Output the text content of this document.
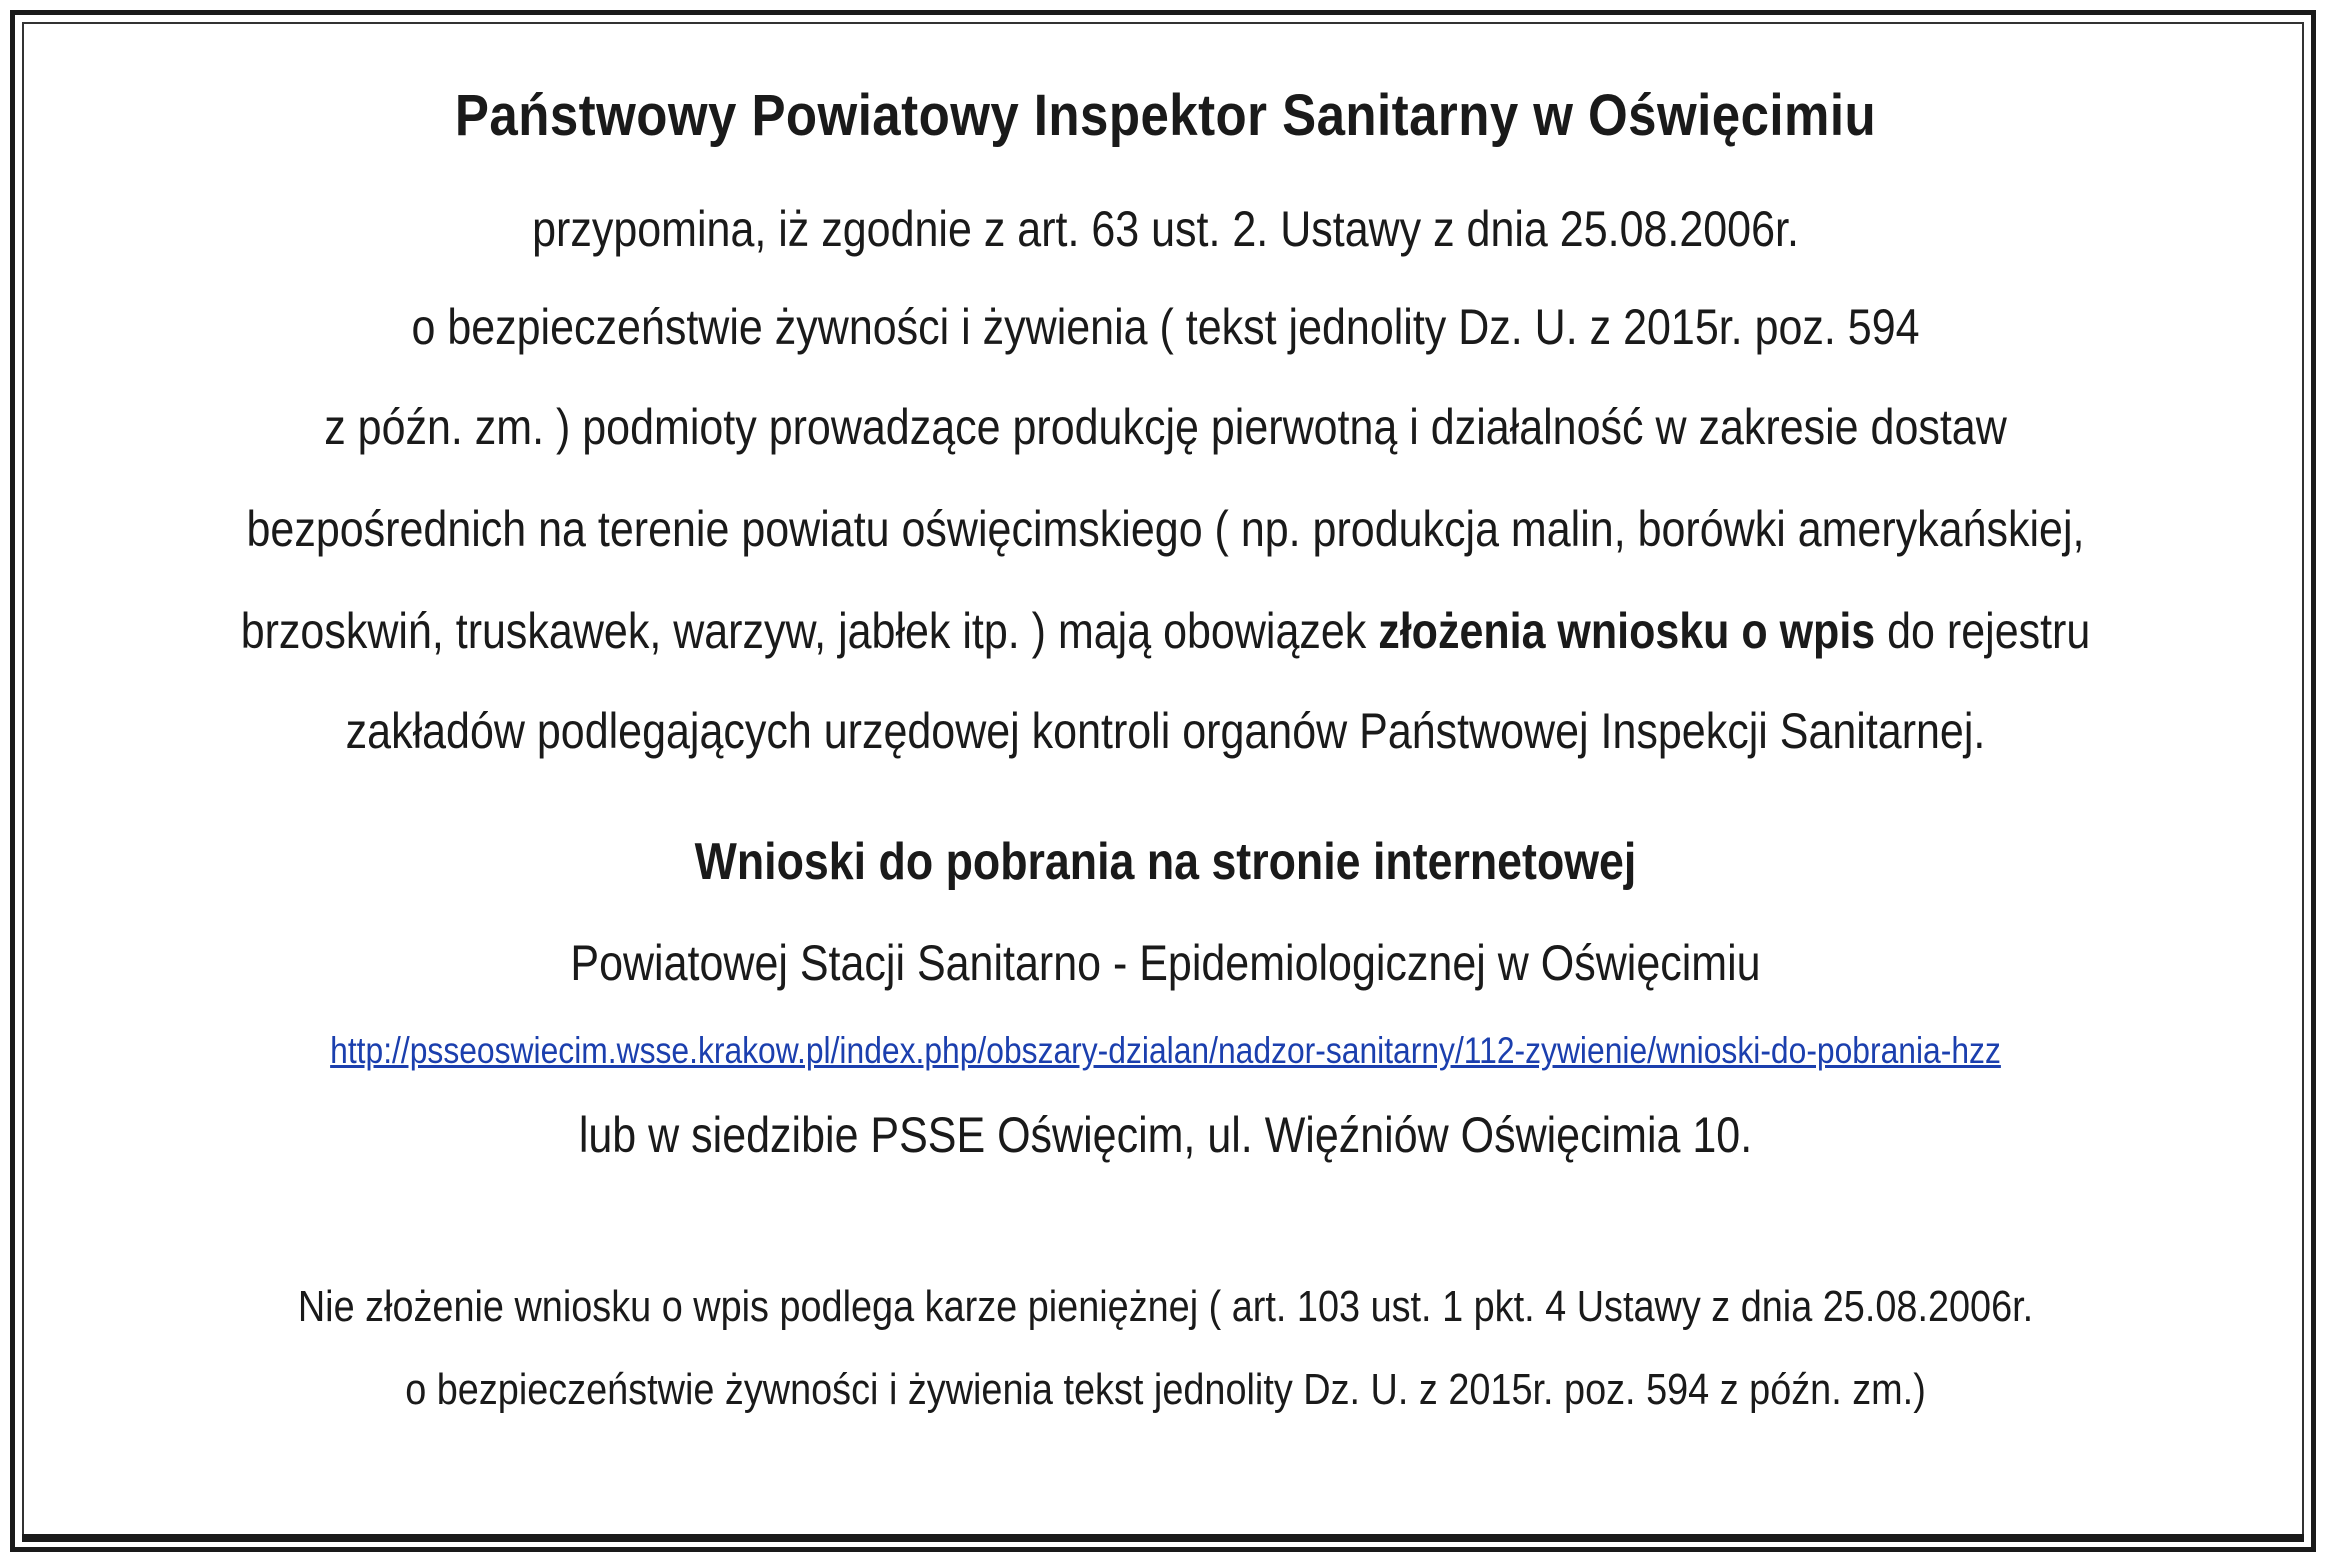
Państwowy Powiatowy Inspektor Sanitarny w Oświęcimiu
przypomina, iż zgodnie z art. 63 ust. 2. Ustawy z dnia 25.08.2006r.
o bezpieczeństwie żywności i żywienia ( tekst jednolity Dz. U. z 2015r. poz. 594
z późn. zm. ) podmioty prowadzące produkcję pierwotną i działalność w zakresie dostaw
bezpośrednich na terenie powiatu oświęcimskiego ( np. produkcja malin, borówki amerykańskiej,
brzoskwiń, truskawek, warzyw, jabłek itp. ) mają obowiązek złożenia wniosku o wpis do rejestru
zakładów podlegających urzędowej kontroli organów Państwowej Inspekcji Sanitarnej.
Wnioski do pobrania na stronie internetowej
Powiatowej Stacji Sanitarno - Epidemiologicznej w Oświęcimiu
http://psseoswiecim.wsse.krakow.pl/index.php/obszary-dzialan/nadzor-sanitarny/112-zywienie/wnioski-do-pobrania-hzz
lub w siedzibie PSSE Oświęcim, ul. Więźniów Oświęcimia 10.
Nie złożenie wniosku o wpis podlega karze pieniężnej ( art. 103 ust. 1 pkt. 4 Ustawy z dnia 25.08.2006r.
o bezpieczeństwie żywności i żywienia tekst jednolity Dz. U. z 2015r. poz. 594 z późn. zm.)
